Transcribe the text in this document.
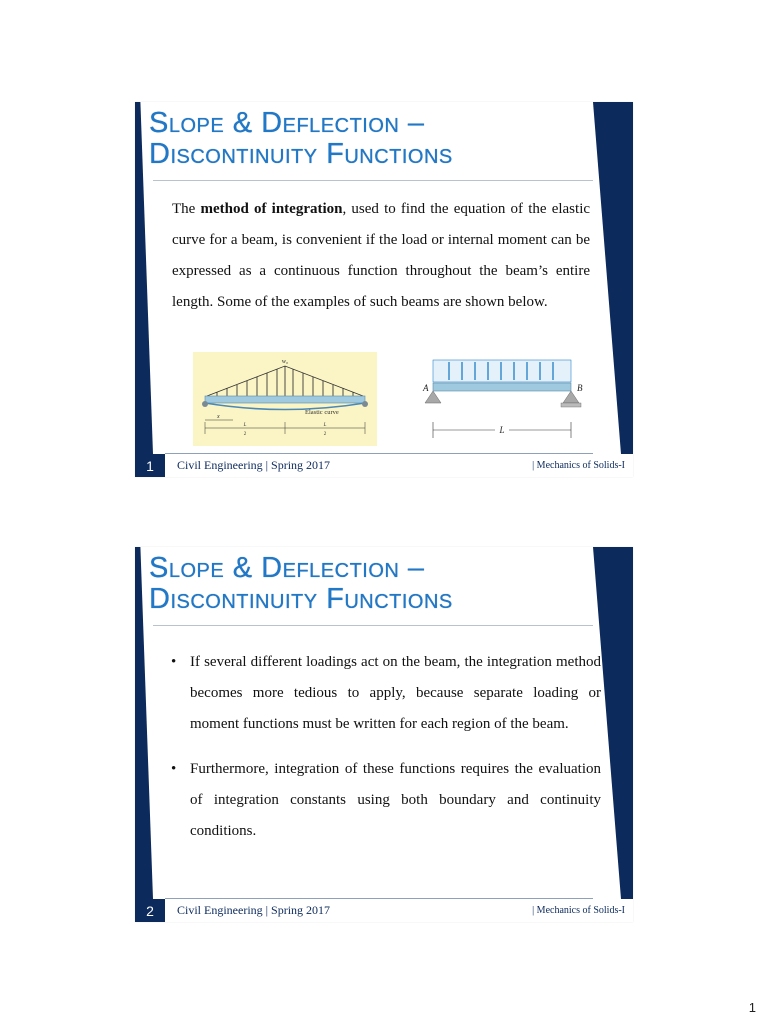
Slope & Deflection –
Discontinuity Functions
The method of integration, used to find the equation of the elastic curve for a beam, is convenient if the load or internal moment can be expressed as a continuous function throughout the beam’s entire length. Some of the examples of such beams are shown below.
w₀
Elastic curve
x
L
2
L
2
A	B
L
1	Civil Engineering | Spring 2017	| Mechanics of Solids-I
Slope & Deflection –
Discontinuity Functions
• If several different loadings act on the beam, the integration method becomes more tedious to apply, because separate loading or moment functions must be written for each region of the beam.
• Furthermore, integration of these functions requires the evaluation of integration constants using both boundary and continuity conditions.
2	Civil Engineering | Spring 2017	| Mechanics of Solids-I
1
